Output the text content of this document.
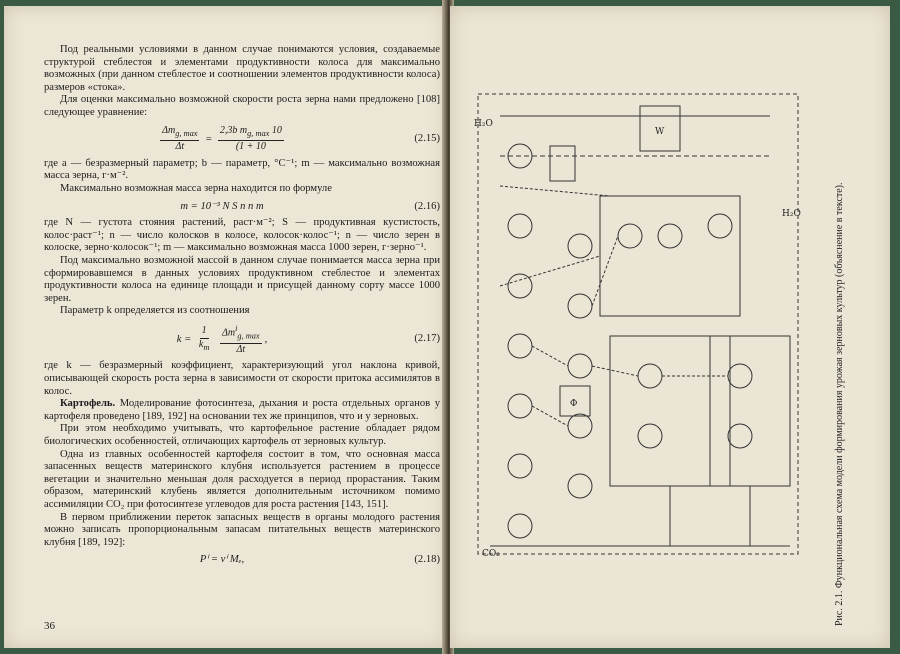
Под реальными условиями в данном случае понимаются условия, создаваемые структурой стеблестоя и элементами продуктивности колоса для максимально возможных (при данном стеблестое и соотношении элементов продуктивности колоса) размеров «стока».

Для оценки максимально возможной скорости роста зерна нами предложено [108] следующее уравнение:

$\frac{\Delta m_{g, max}}{\Delta t} = \frac{2,3b m_{g, max} 10}{(1 + 10}$	(2.15)

где a — безразмерный параметр; b — параметр, °С⁻¹; m — максимально возможная масса зерна, г·м⁻².

Максимально возможная масса зерна находится по формуле

m = 10⁻³ N S n n m	(2.16)

где N — густота стояния растений, раст·м⁻²; S — продуктивная кустистость, колос·раст⁻¹; n — число колосков в колосе, колосок·колос⁻¹; n — число зерен в колоске, зерно·колосок⁻¹; m — максимально возможная масса 1000 зерен, г·зерно⁻¹.

Под максимально возможной массой в данном случае понимается масса зерна при сформировавшемся в данных условиях продуктивном стеблестое и элементах продуктивности колоса на единице площади и присущей данному сорту массе 1000 зерен.

Параметр k определяется из соотношения

$k = \frac{1}{k_m}$
$\frac{\Delta m^i_{g, max}}{\Delta t}$ ,	(2.17)

где k — безразмерный коэффициент, характеризующий угол наклона кривой, описывающей скорость роста зерна в зависимости от скорости притока ассимилятов в колос.

Картофель. Моделирование фотосинтеза, дыхания и роста отдельных органов у картофеля проведено [189, 192] на основании тех же принципов, что и у зерновых.

При этом необходимо учитывать, что картофельное растение обладает рядом биологических особенностей, отличающих картофель от зерновых культур.

Одна из главных особенностей картофеля состоит в том, что основная масса запасенных веществ материнского клубня используется растением в процессе вегетации и значительно меньшая доля расходуется в период прорастания. Таким образом, материнский клубень является дополнительным источником помимо ассимиляции CO₂ при фотосинтезе углеводов для роста растения [143, 151].

В первом приближении переток запасных веществ в органы молодого растения можно записать пропорциональным запасам питательных веществ материнского клубня [189, 192]:

Pⁱ = νⁱ Mₑ,	(2.18)
36
H₂O
H₂O
W
CO₂
Φ	Рис. 2.1. Функциональная схема модели формирования урожая зерновых культур (объяснение в тексте).
